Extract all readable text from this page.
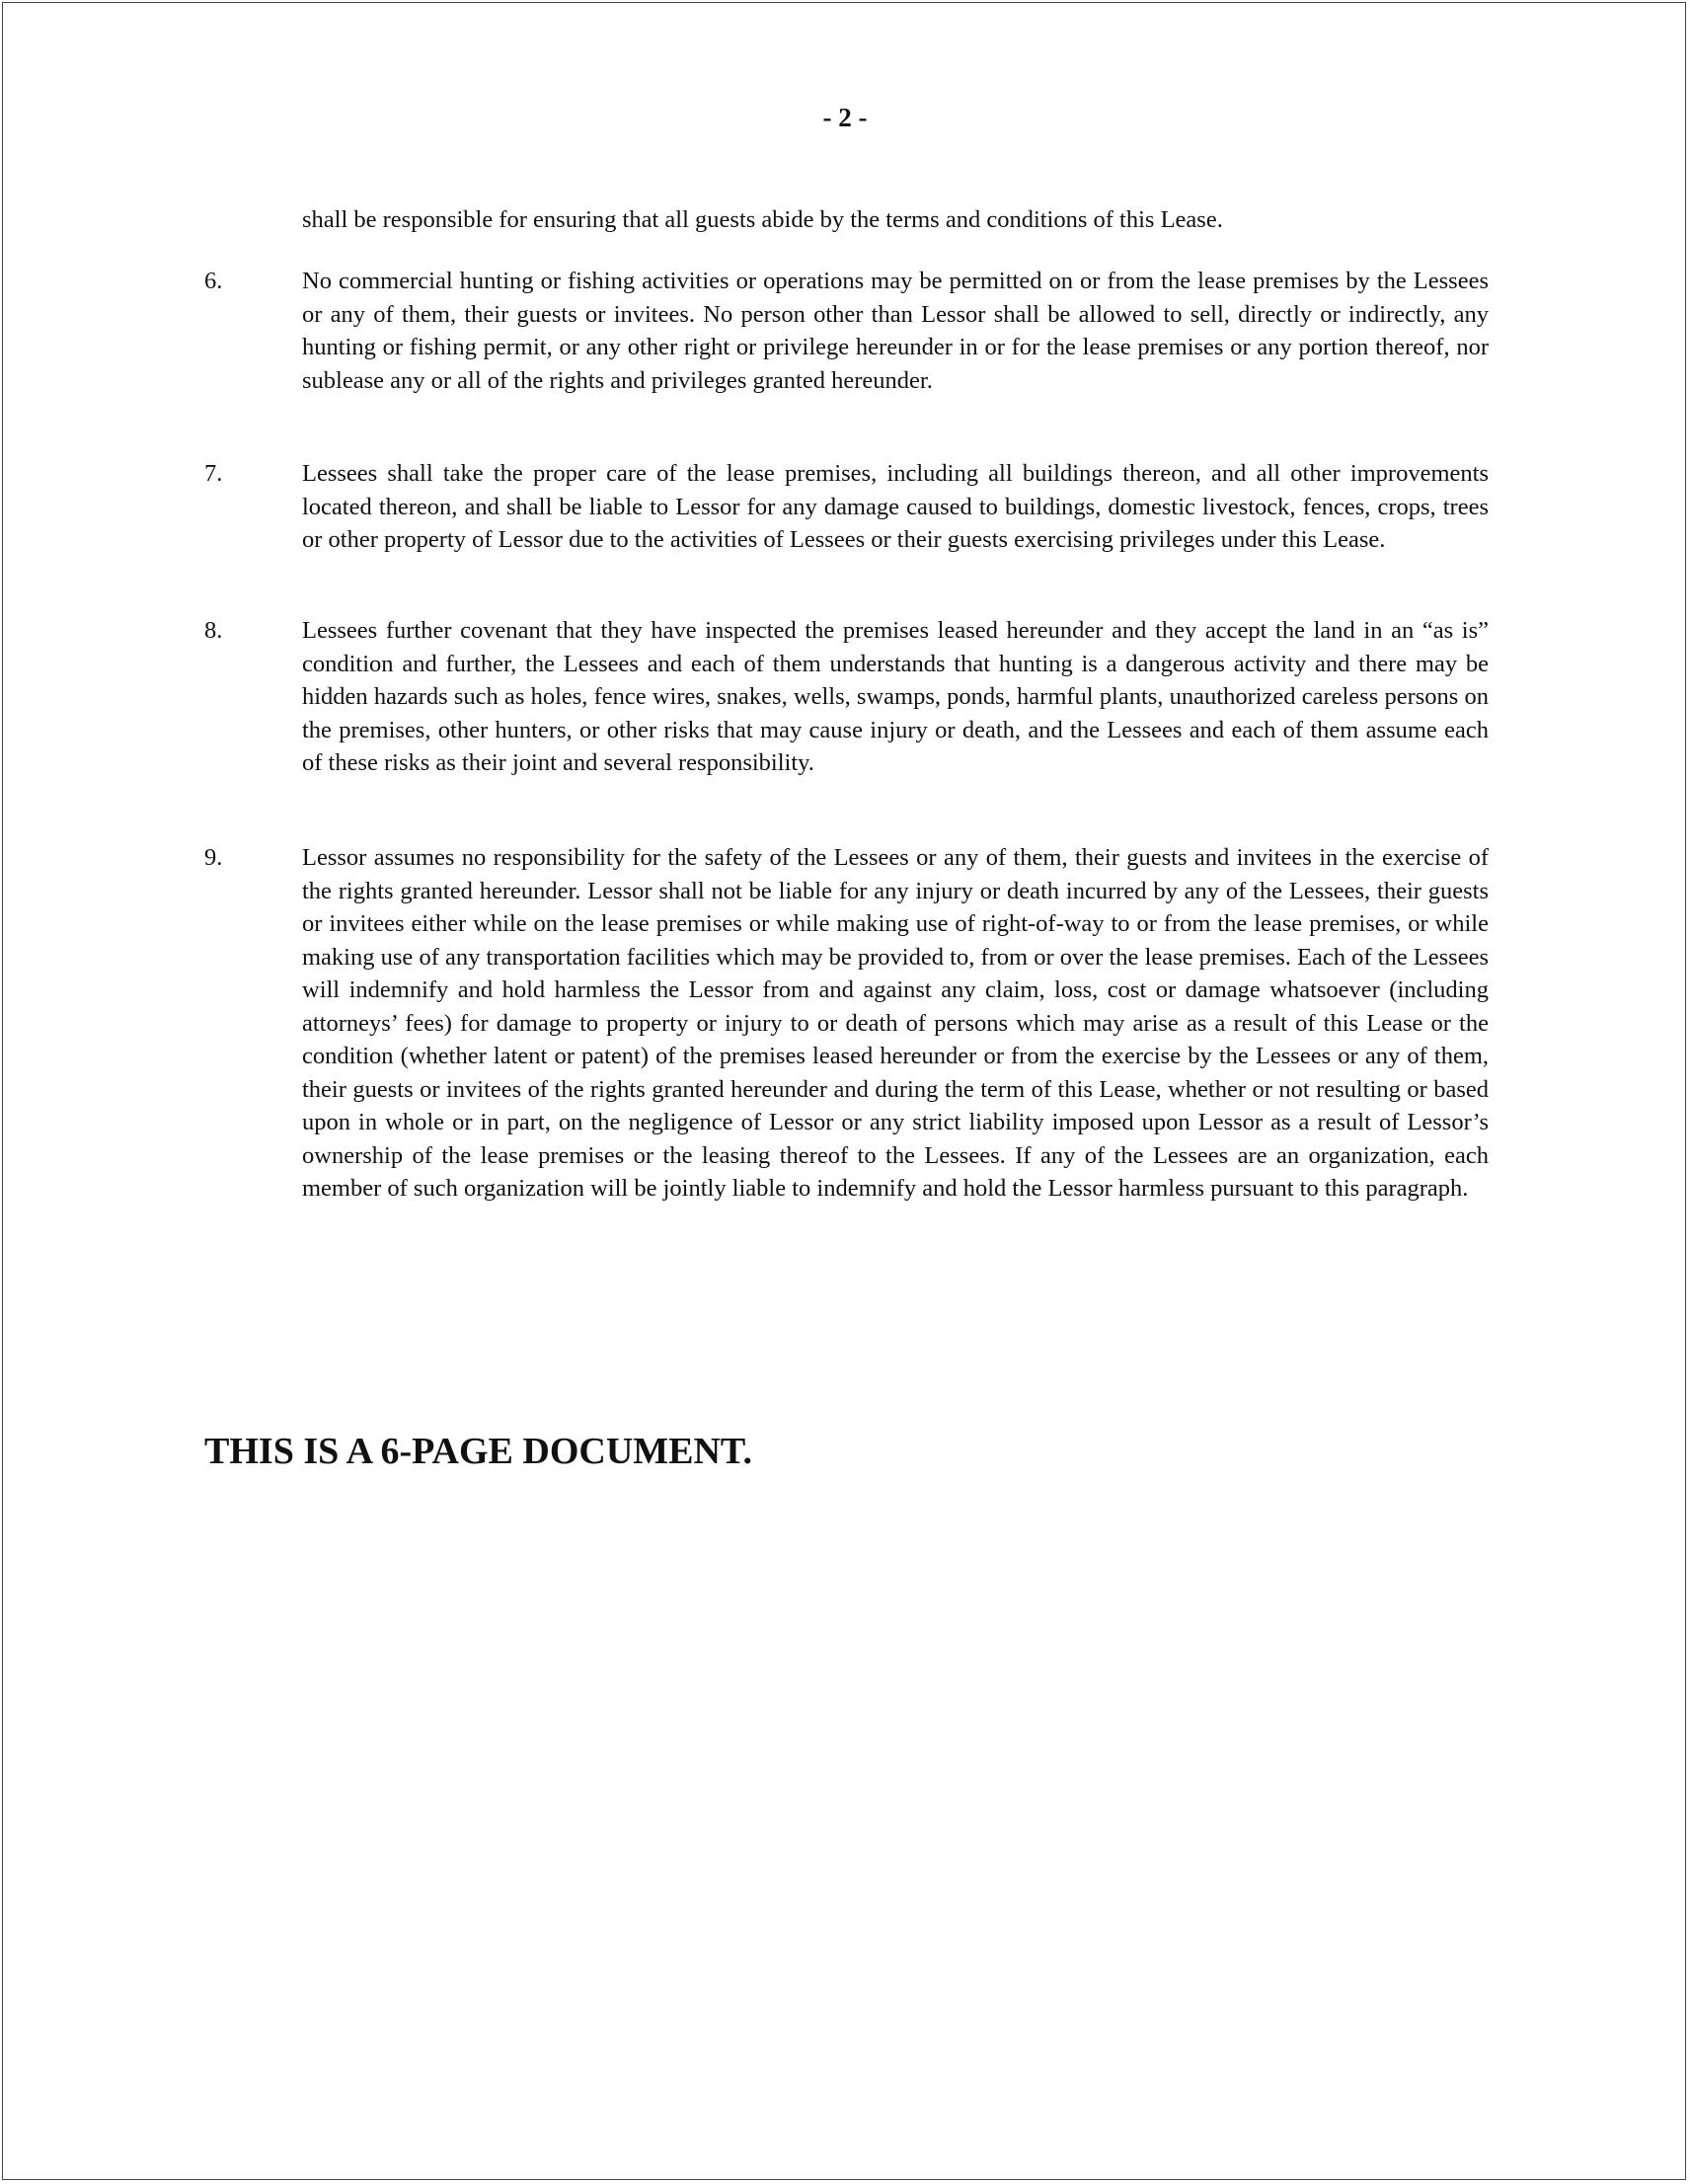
- 2 -
shall be responsible for ensuring that all guests abide by the terms and conditions of this Lease.
6.	No commercial hunting or fishing activities or operations may be permitted on or from the lease premises by the Lessees or any of them, their guests or invitees. No person other than Lessor shall be allowed to sell, directly or indirectly, any hunting or fishing permit, or any other right or privilege hereunder in or for the lease premises or any portion thereof, nor sublease any or all of the rights and privileges granted hereunder.
7.	Lessees shall take the proper care of the lease premises, including all buildings thereon, and all other improvements located thereon, and shall be liable to Lessor for any damage caused to buildings, domestic livestock, fences, crops, trees or other property of Lessor due to the activities of Lessees or their guests exercising privileges under this Lease.
8.	Lessees further covenant that they have inspected the premises leased hereunder and they accept the land in an “as is” condition and further, the Lessees and each of them understands that hunting is a dangerous activity and there may be hidden hazards such as holes, fence wires, snakes, wells, swamps, ponds, harmful plants, unauthorized careless persons on the premises, other hunters, or other risks that may cause injury or death, and the Lessees and each of them assume each of these risks as their joint and several responsibility.
9.	Lessor assumes no responsibility for the safety of the Lessees or any of them, their guests and invitees in the exercise of the rights granted hereunder. Lessor shall not be liable for any injury or death incurred by any of the Lessees, their guests or invitees either while on the lease premises or while making use of right-of-way to or from the lease premises, or while making use of any transportation facilities which may be provided to, from or over the lease premises. Each of the Lessees will indemnify and hold harmless the Lessor from and against any claim, loss, cost or damage whatsoever (including attorneys’ fees) for damage to property or injury to or death of persons which may arise as a result of this Lease or the condition (whether latent or patent) of the premises leased hereunder or from the exercise by the Lessees or any of them, their guests or invitees of the rights granted hereunder and during the term of this Lease, whether or not resulting or based upon in whole or in part, on the negligence of Lessor or any strict liability imposed upon Lessor as a result of Lessor’s ownership of the lease premises or the leasing thereof to the Lessees. If any of the Lessees are an organization, each member of such organization will be jointly liable to indemnify and hold the Lessor harmless pursuant to this paragraph.
THIS IS A 6-PAGE DOCUMENT.
